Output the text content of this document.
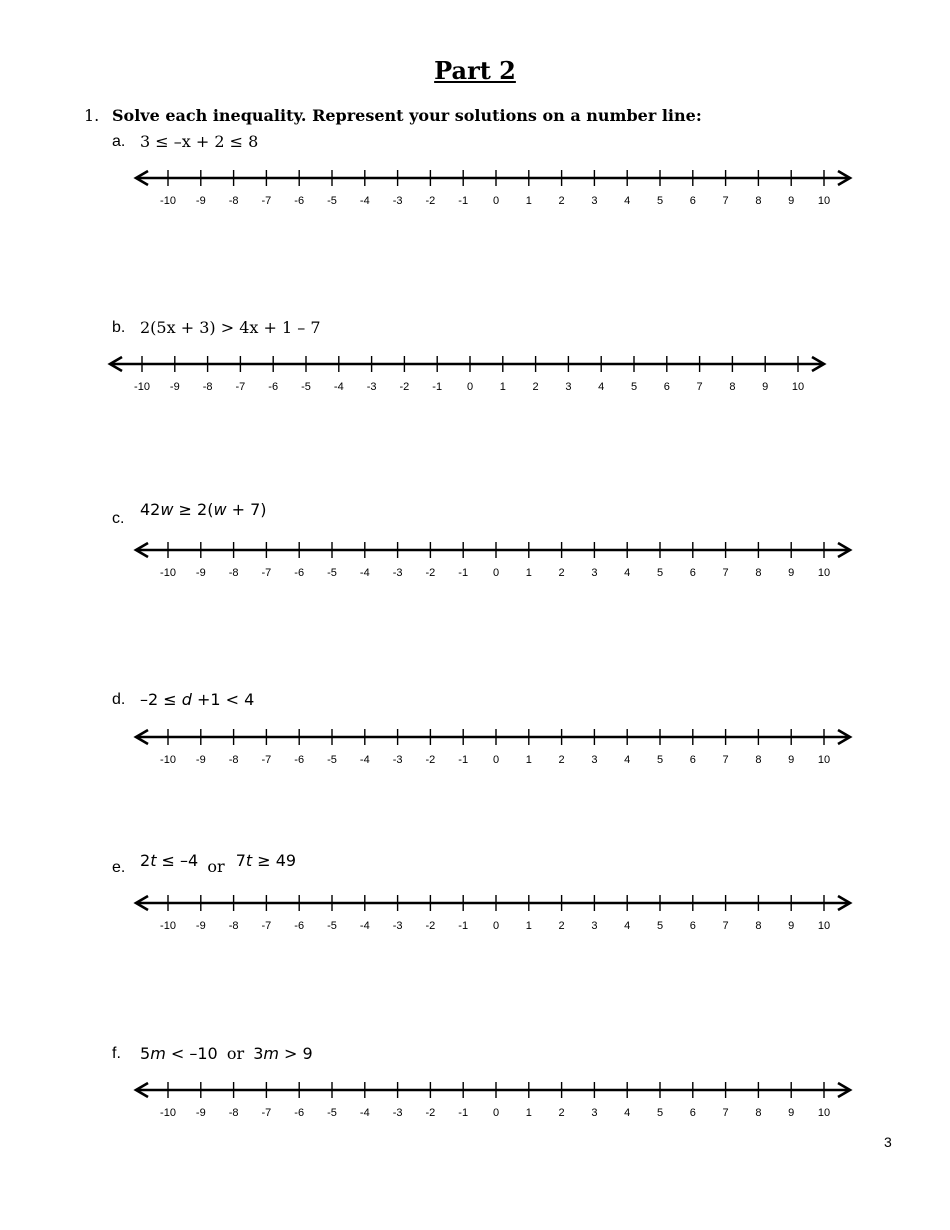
Part 2
1. Solve each inequality. Represent your solutions on a number line:
a. 3 ≤ –x + 2 ≤ 8
-10 -9 -8 -7 -6 -5 -4 -3 -2 -1 0 1 2 3 4 5 6 7 8 9 10
b. 2(5x + 3) > 4x + 1 – 7
-10 -9 -8 -7 -6 -5 -4 -3 -2 -1 0 1 2 3 4 5 6 7 8 9 10
c. 42w ≥ 2(w + 7)
-10 -9 -8 -7 -6 -5 -4 -3 -2 -1 0 1 2 3 4 5 6 7 8 9 10
d. –2 ≤ d +1 < 4
-10 -9 -8 -7 -6 -5 -4 -3 -2 -1 0 1 2 3 4 5 6 7 8 9 10
e. 2t ≤ –4 or 7t ≥ 49
-10 -9 -8 -7 -6 -5 -4 -3 -2 -1 0 1 2 3 4 5 6 7 8 9 10
f. 5m < –10 or 3m > 9
-10 -9 -8 -7 -6 -5 -4 -3 -2 -1 0 1 2 3 4 5 6 7 8 9 10
3
